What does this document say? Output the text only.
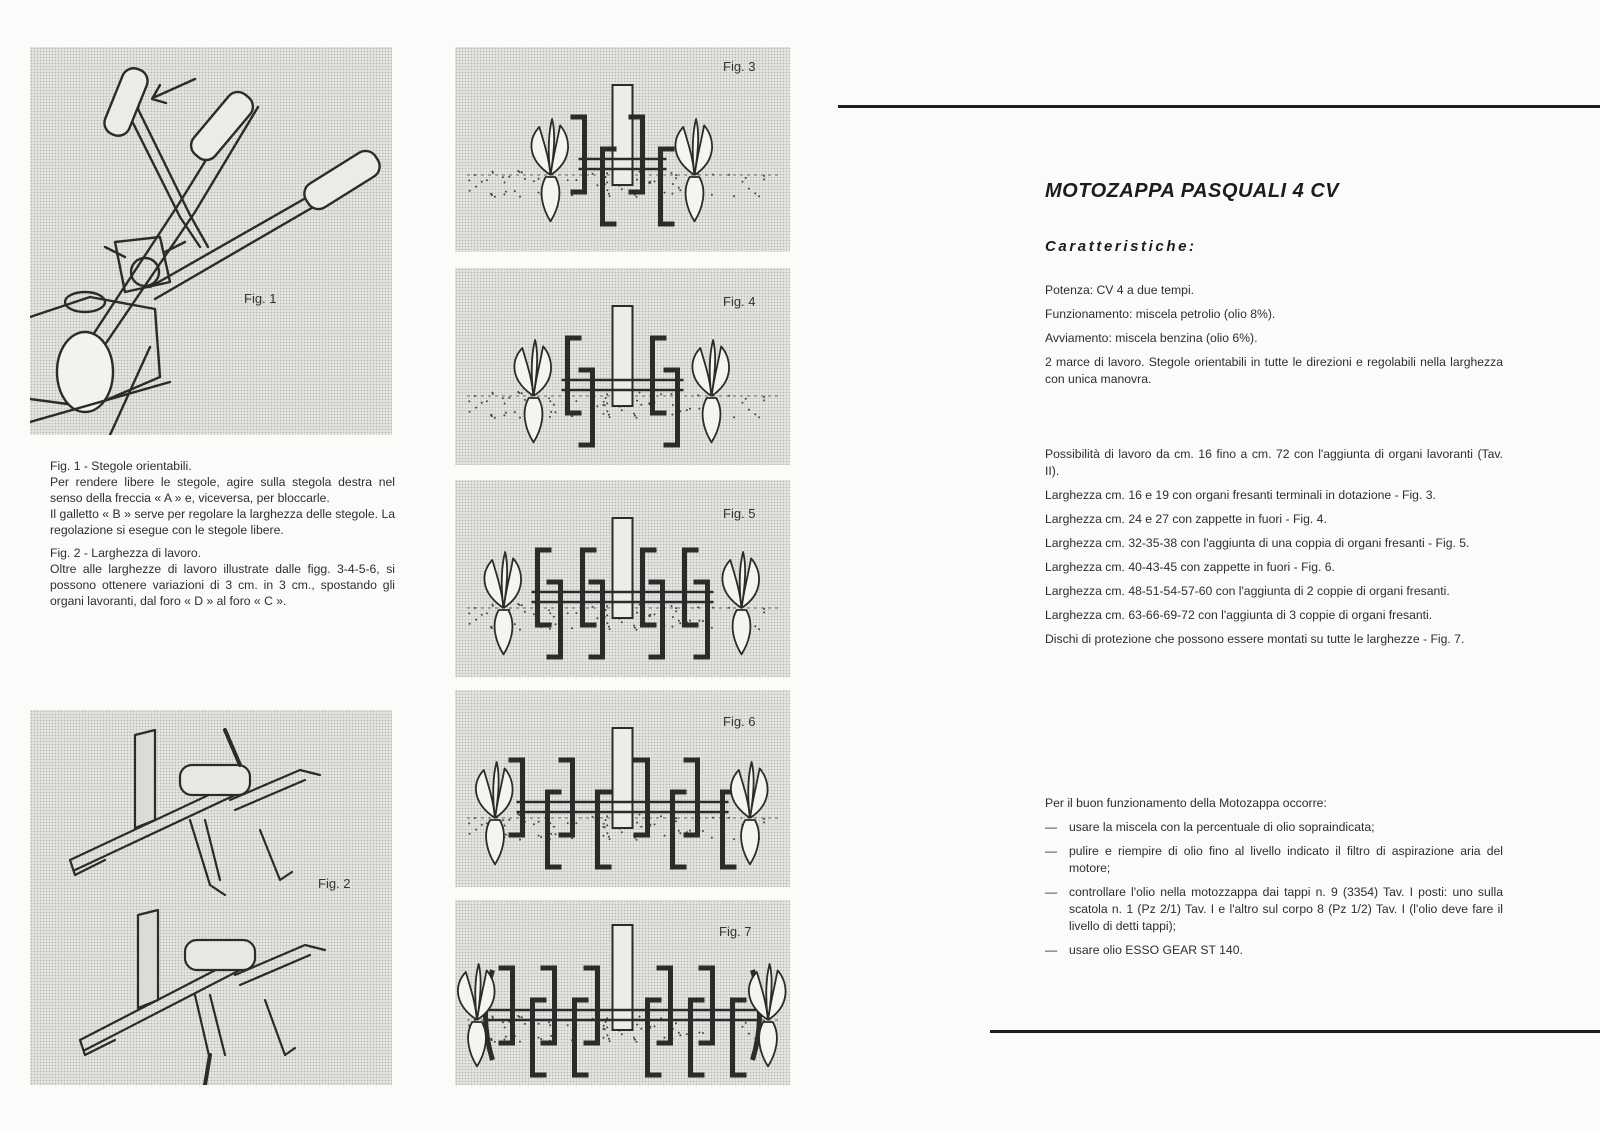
Fig. 1

Fig. 1 - Stegole orientabili.

Per rendere libere le stegole, agire sulla stegola destra nel senso della freccia « A » e, viceversa, per bloccarle.

Il galletto « B » serve per regolare la larghezza delle stegole. La regolazione si esegue con le stegole libere.

Fig. 2 - Larghezza di lavoro.

Oltre alle larghezze di lavoro illustrate dalle figg. 3-4-5-6, si possono ottenere variazioni di 3 cm. in 3 cm., spostando gli organi lavoranti, dal foro « D » al foro « C ».

Fig. 2
Fig. 3
Fig. 4
Fig. 5
Fig. 6
Fig. 7
MOTOZAPPA PASQUALI 4 CV
Caratteristiche:

Potenza: CV 4 a due tempi.

Funzionamento: miscela petrolio (olio 8%).

Avviamento: miscela benzina (olio 6%).

2 marce di lavoro. Stegole orientabili in tutte le direzioni e regolabili nella larghezza con unica manovra.

Possibilità di lavoro da cm. 16 fino a cm. 72 con l'aggiunta di organi lavoranti (Tav. II).

Larghezza cm. 16 e 19 con organi fresanti terminali in dotazione - Fig. 3.

Larghezza cm. 24 e 27 con zappette in fuori - Fig. 4.

Larghezza cm. 32-35-38 con l'aggiunta di una coppia di organi fresanti - Fig. 5.

Larghezza cm. 40-43-45 con zappette in fuori - Fig. 6.

Larghezza cm. 48-51-54-57-60 con l'aggiunta di 2 coppie di organi fresanti.

Larghezza cm. 63-66-69-72 con l'aggiunta di 3 coppie di organi fresanti.

Dischi di protezione che possono essere montati su tutte le larghezze - Fig. 7.

Per il buon funzionamento della Motozappa occorre:

— usare la miscela con la percentuale di olio sopraindicata;
— pulire e riempire di olio fino al livello indicato il filtro di aspirazione aria del motore;
— controllare l'olio nella motozzappa dai tappi n. 9 (3354) Tav. I posti: uno sulla scatola n. 1 (Pz 2/1) Tav. I e l'altro sul corpo 8 (Pz 1/2) Tav. I (l'olio deve fare il livello di detti tappi);
— usare olio ESSO GEAR ST 140.
